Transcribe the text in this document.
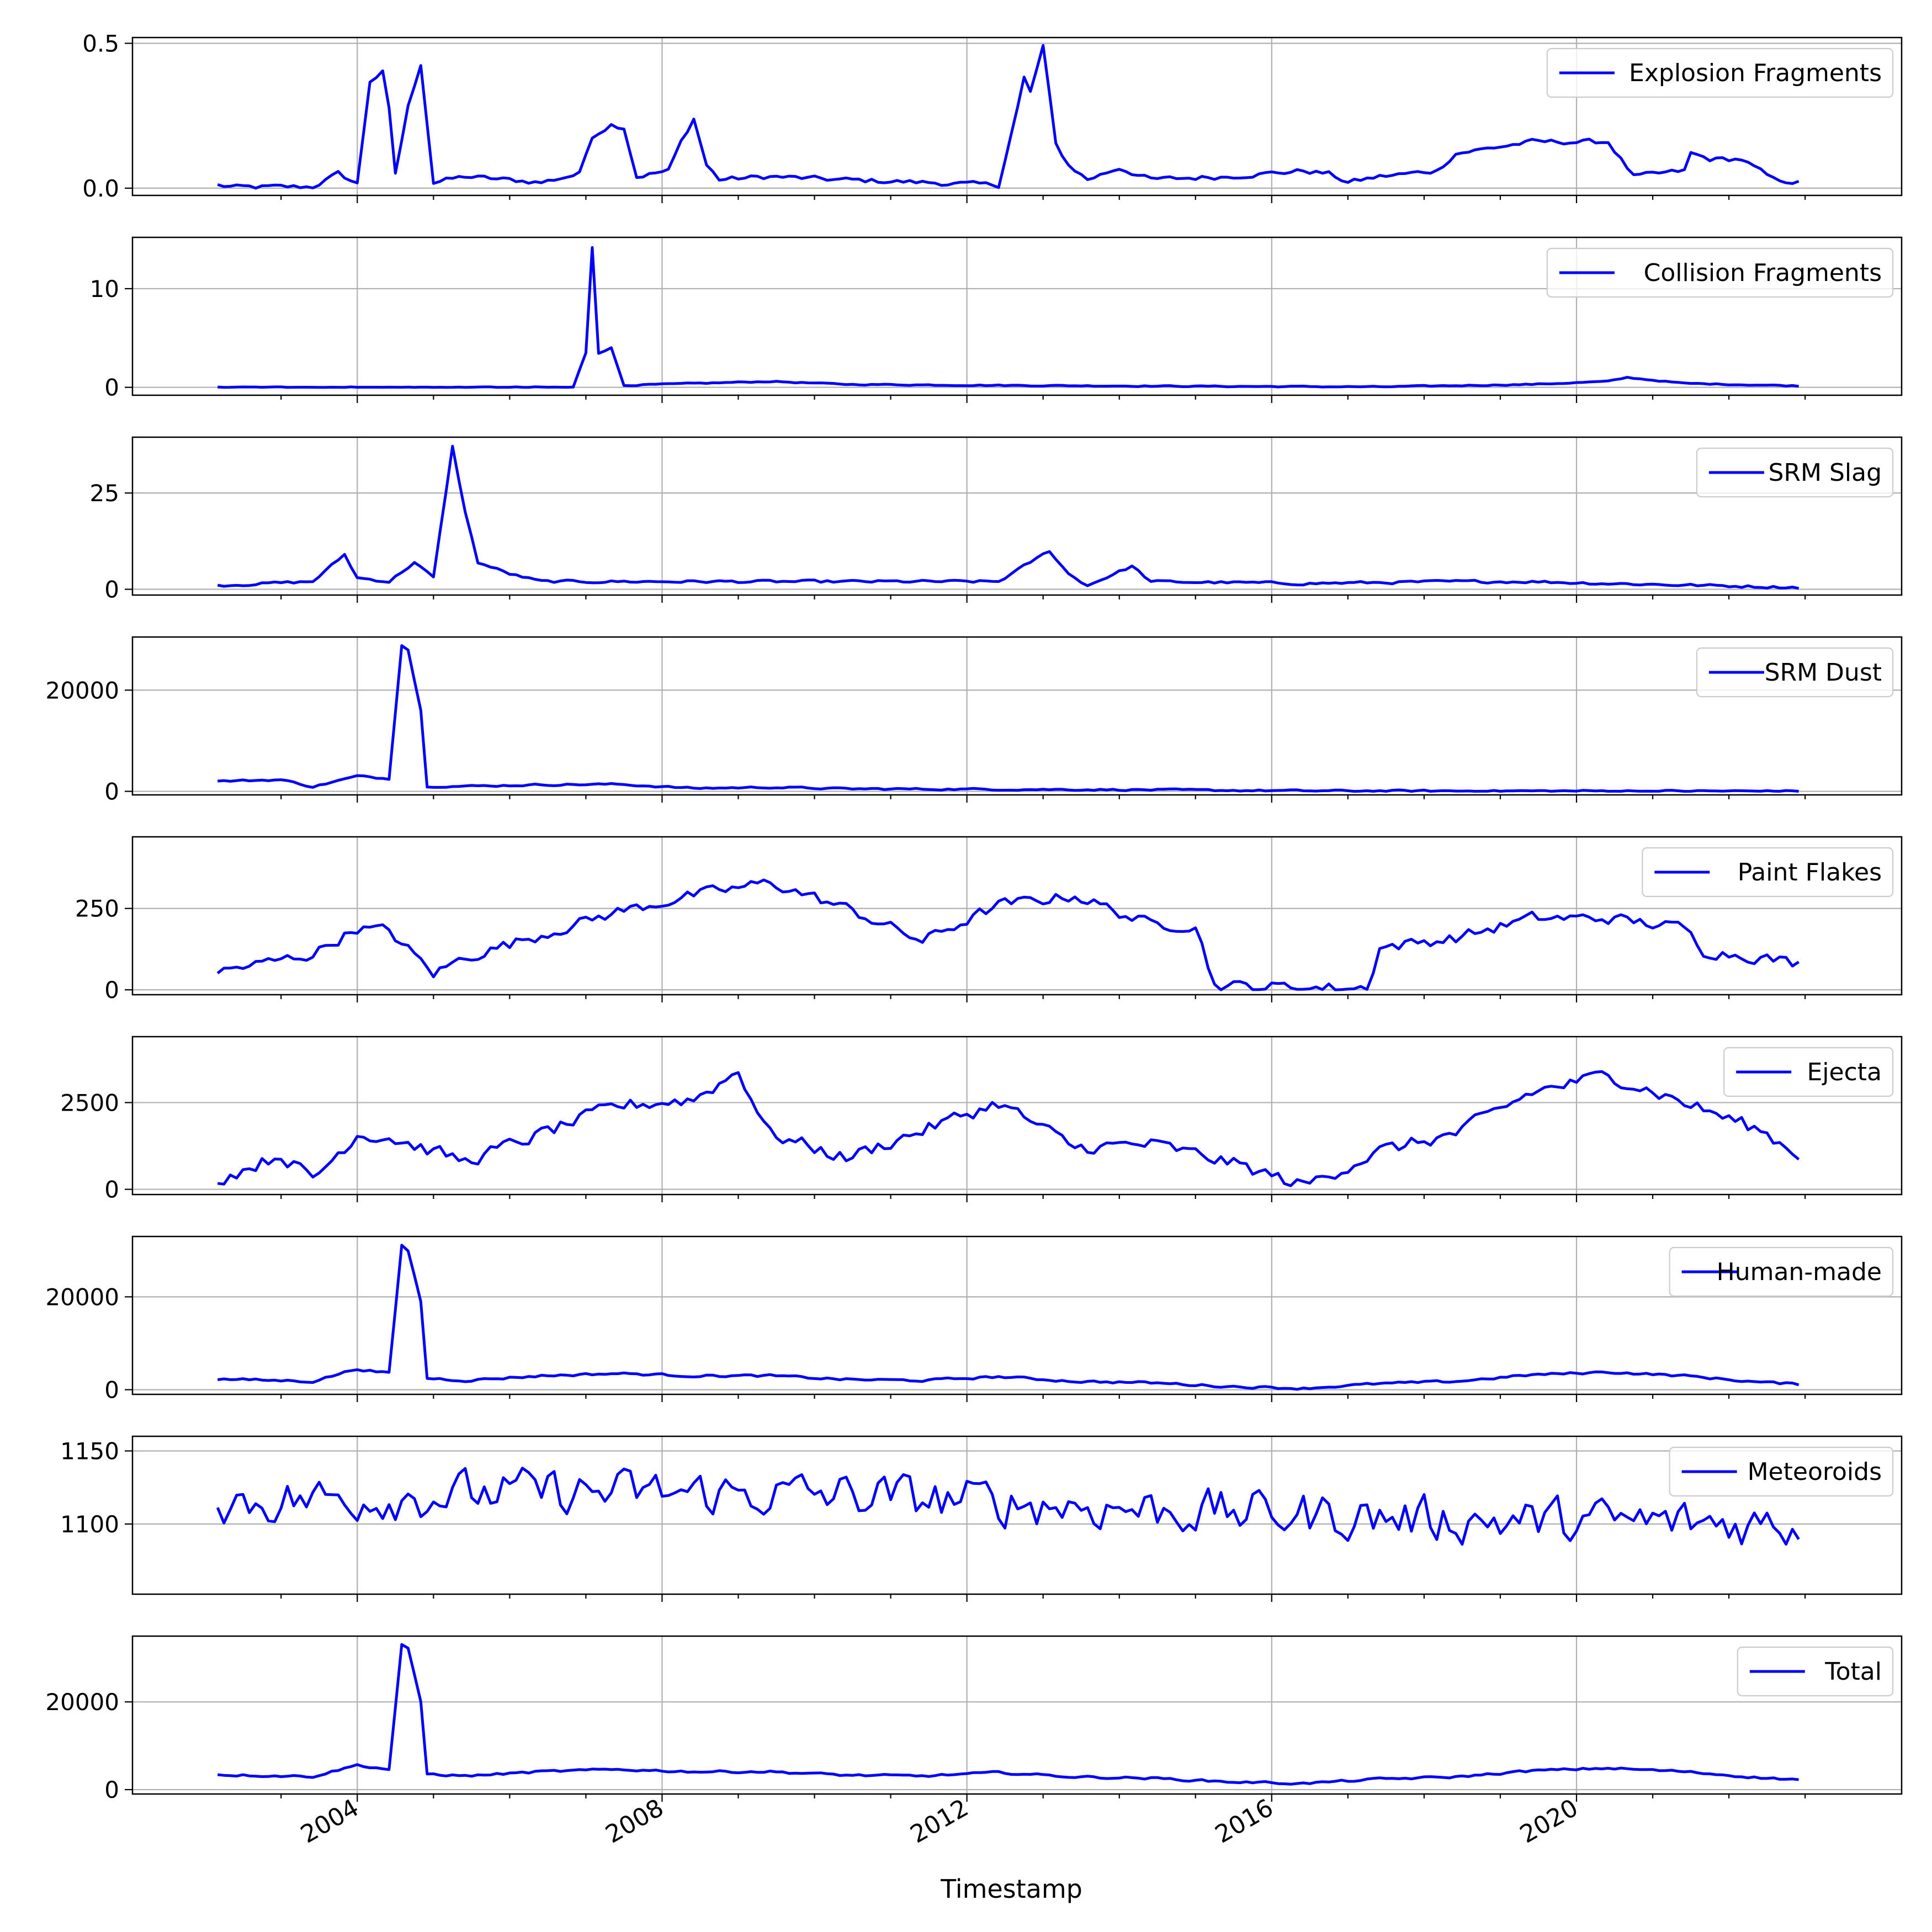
0.0
0.5
Explosion Fragments
0
10
Collision Fragments
0
25
SRM Slag
0
20000
SRM Dust
0
250
Paint Flakes
0
2500
Ejecta
0
20000
Human-made
1100
1150
Meteoroids
0
20000
Total
2004	2008	2012	2016	2020
Timestamp
